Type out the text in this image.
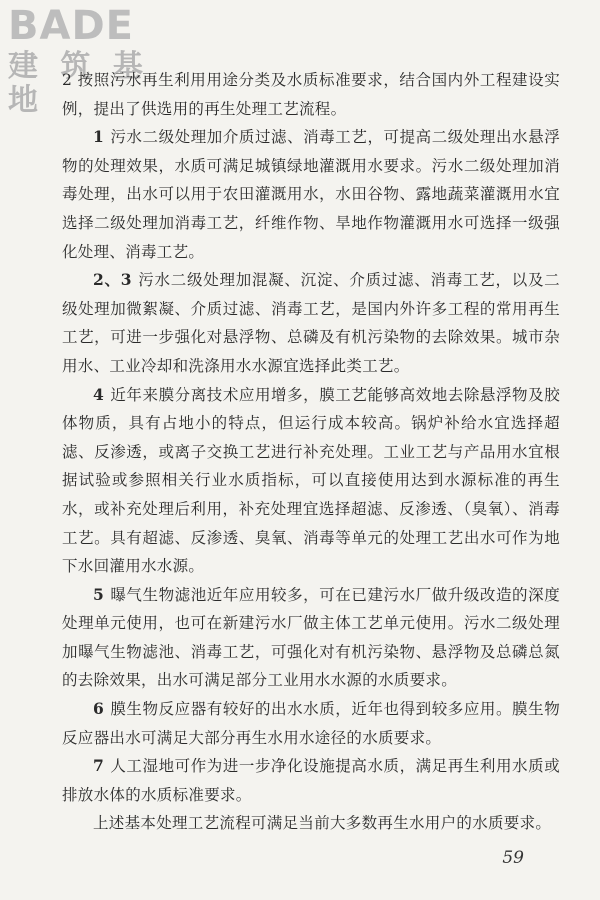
BADE
建 筑 基 地

2 按照污水再生利用用途分类及水质标准要求，结合国内外工程建设实例，提出了供选用的再生处理工艺流程。

1 污水二级处理加介质过滤、消毒工艺，可提高二级处理出水悬浮物的处理效果，水质可满足城镇绿地灌溉用水要求。污水二级处理加消毒处理，出水可以用于农田灌溉用水，水田谷物、露地蔬菜灌溉用水宜选择二级处理加消毒工艺，纤维作物、旱地作物灌溉用水可选择一级强化处理、消毒工艺。

2、3 污水二级处理加混凝、沉淀、介质过滤、消毒工艺，以及二级处理加微絮凝、介质过滤、消毒工艺，是国内外许多工程的常用再生工艺，可进一步强化对悬浮物、总磷及有机污染物的去除效果。城市杂用水、工业冷却和洗涤用水水源宜选择此类工艺。

4 近年来膜分离技术应用增多，膜工艺能够高效地去除悬浮物及胶体物质，具有占地小的特点，但运行成本较高。锅炉补给水宜选择超滤、反渗透，或离子交换工艺进行补充处理。工业工艺与产品用水宜根据试验或参照相关行业水质指标，可以直接使用达到水源标准的再生水，或补充处理后利用，补充处理宜选择超滤、反渗透、（臭氧）、消毒工艺。具有超滤、反渗透、臭氧、消毒等单元的处理工艺出水可作为地下水回灌用水水源。

5 曝气生物滤池近年应用较多，可在已建污水厂做升级改造的深度处理单元使用，也可在新建污水厂做主体工艺单元使用。污水二级处理加曝气生物滤池、消毒工艺，可强化对有机污染物、悬浮物及总磷总氮的去除效果，出水可满足部分工业用水水源的水质要求。

6 膜生物反应器有较好的出水水质，近年也得到较多应用。膜生物反应器出水可满足大部分再生水用水途径的水质要求。

7 人工湿地可作为进一步净化设施提高水质，满足再生利用水质或排放水体的水质标准要求。

上述基本处理工艺流程可满足当前大多数再生水用户的水质要求。

59
